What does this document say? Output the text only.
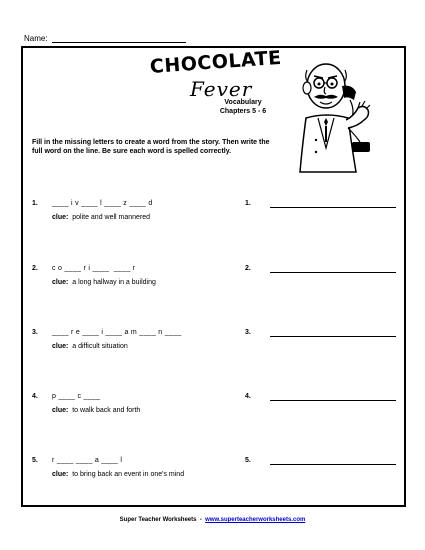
Name:
CHOCOLATE
Fever
Vocabulary
Chapters 5 - 6
Fill in the missing letters to create a word from the story. Then write the full word on the line. Be sure each word is spelled correctly.
1. ____ i v ____ l ____ z ____ d
clue: polite and well mannered
1.
2. c o ____ r i ____  ____ r
clue: a long hallway in a building
2.
3. ____ r e ____ i ____ a m ____ n ____
clue: a difficult situation
3.
4. p ____ c ____
clue: to walk back and forth
4.
5. r ____ ____ a ____ l
clue: to bring back an event in one's mind
5.
Super Teacher Worksheets - www.superteacherworksheets.com
